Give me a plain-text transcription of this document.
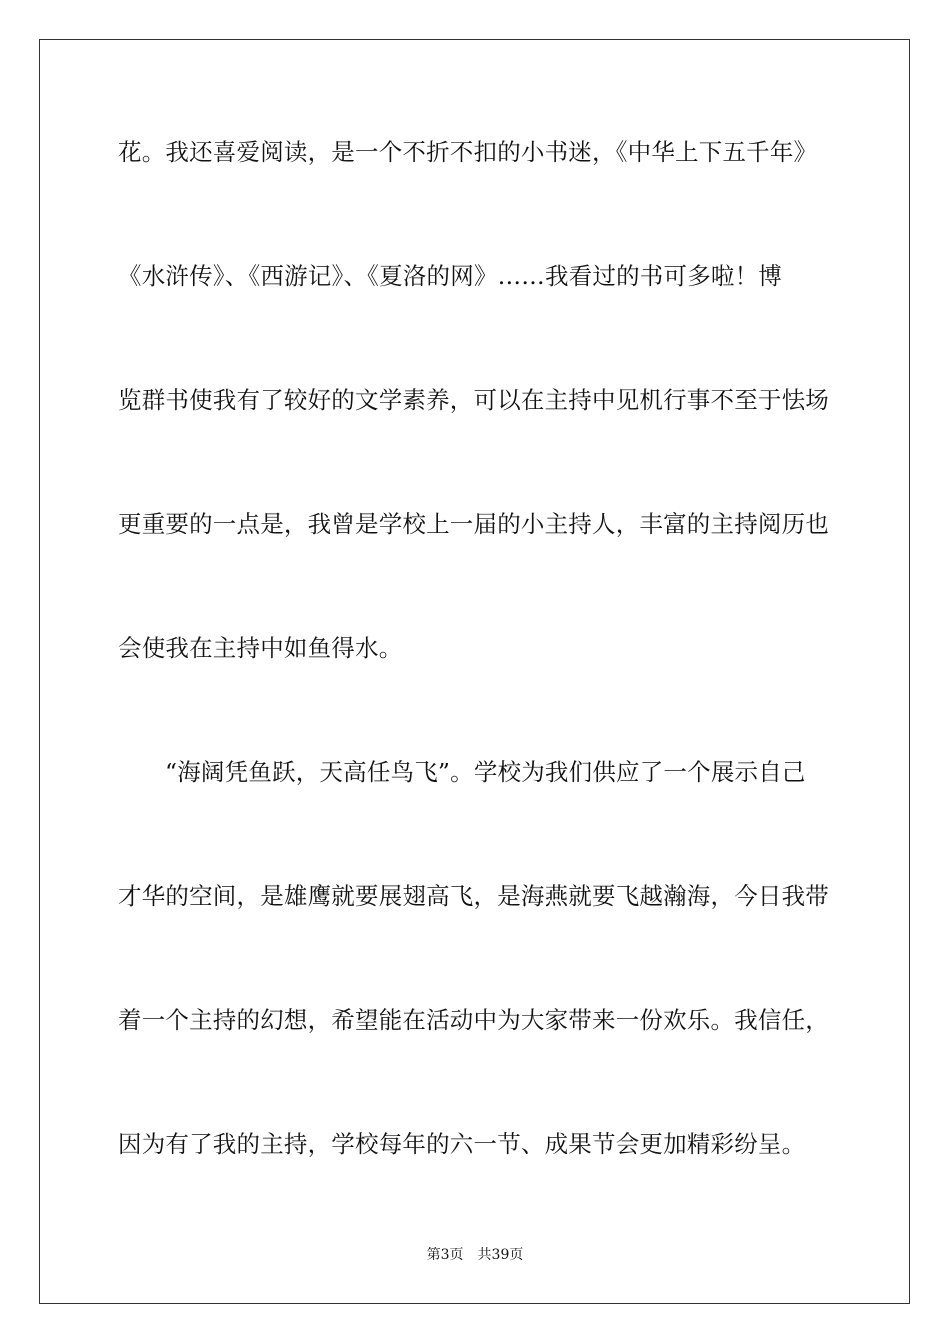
花。我还喜爱阅读，是一个不折不扣的小书迷，《中华上下五千年》
《水浒传》、《西游记》、《夏洛的网》……我看过的书可多啦！博
览群书使我有了较好的文学素养，可以在主持中见机行事不至于怯场
更重要的一点是，我曾是学校上一届的小主持人，丰富的主持阅历也
会使我在主持中如鱼得水。
“海阔凭鱼跃，天高任鸟飞”。学校为我们供应了一个展示自己
才华的空间，是雄鹰就要展翅高飞，是海燕就要飞越瀚海，今日我带
着一个主持的幻想，希望能在活动中为大家带来一份欢乐。我信任，
因为有了我的主持，学校每年的六一节、成果节会更加精彩纷呈。
第3页 共39页
